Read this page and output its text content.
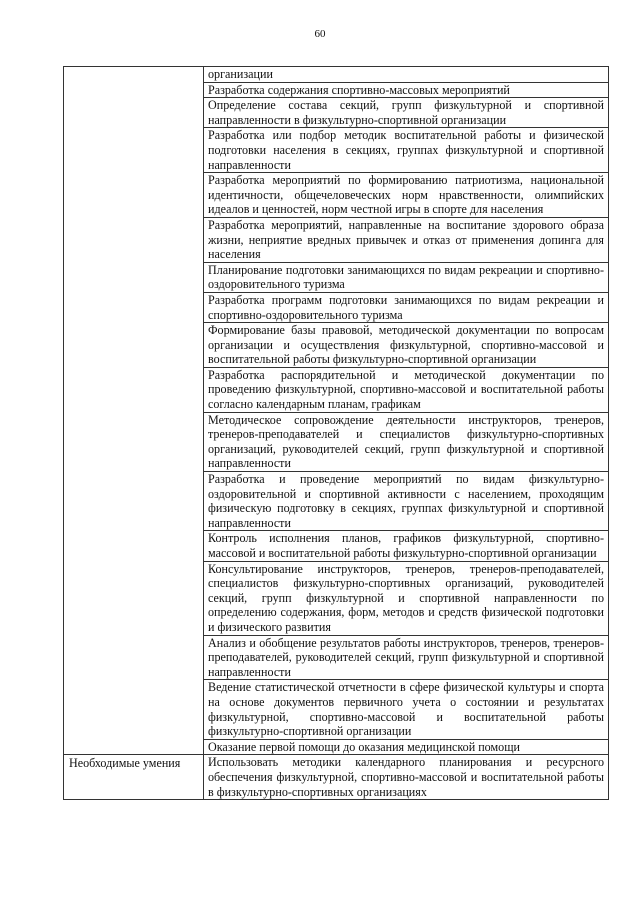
60
	организации
	Разработка содержания спортивно-массовых мероприятий
	Определение состава секций, групп физкультурной и спортивной направленности в физкультурно-спортивной организации
	Разработка или подбор методик воспитательной работы и физической подготовки населения в секциях, группах физкультурной и спортивной направленности
	Разработка мероприятий по формированию патриотизма, национальной идентичности, общечеловеческих норм нравственности, олимпийских идеалов и ценностей, норм честной игры в спорте для населения
	Разработка мероприятий, направленные на воспитание здорового образа жизни, неприятие вредных привычек и отказ от применения допинга для населения
	Планирование подготовки занимающихся по видам рекреации и спортивно-оздоровительного туризма
	Разработка программ подготовки занимающихся по видам рекреации и спортивно-оздоровительного туризма
	Формирование базы правовой, методической документации по вопросам организации и осуществления физкультурной, спортивно-массовой и воспитательной работы физкультурно-спортивной организации
	Разработка распорядительной и методической документации по проведению физкультурной, спортивно-массовой и воспитательной работы согласно календарным планам, графикам
	Методическое сопровождение деятельности инструкторов, тренеров, тренеров-преподавателей и специалистов физкультурно-спортивных организаций, руководителей секций, групп физкультурной и спортивной направленности
	Разработка и проведение мероприятий по видам физкультурно-оздоровительной и спортивной активности с населением, проходящим физическую подготовку в секциях, группах физкультурной и спортивной направленности
	Контроль исполнения планов, графиков физкультурной, спортивно-массовой и воспитательной работы физкультурно-спортивной организации
	Консультирование инструкторов, тренеров, тренеров-преподавателей, специалистов физкультурно-спортивных организаций, руководителей секций, групп физкультурной и спортивной направленности по определению содержания, форм, методов и средств физической подготовки и физического развития
	Анализ и обобщение результатов работы инструкторов, тренеров, тренеров-преподавателей, руководителей секций, групп физкультурной и спортивной направленности
	Ведение статистической отчетности в сфере физической культуры и спорта на основе документов первичного учета о состоянии и результатах физкультурной, спортивно-массовой и воспитательной работы физкультурно-спортивной организации
	Оказание первой помощи до оказания медицинской помощи
Необходимые умения	Использовать методики календарного планирования и ресурсного обеспечения физкультурной, спортивно-массовой и воспитательной работы в физкультурно-спортивных организациях
